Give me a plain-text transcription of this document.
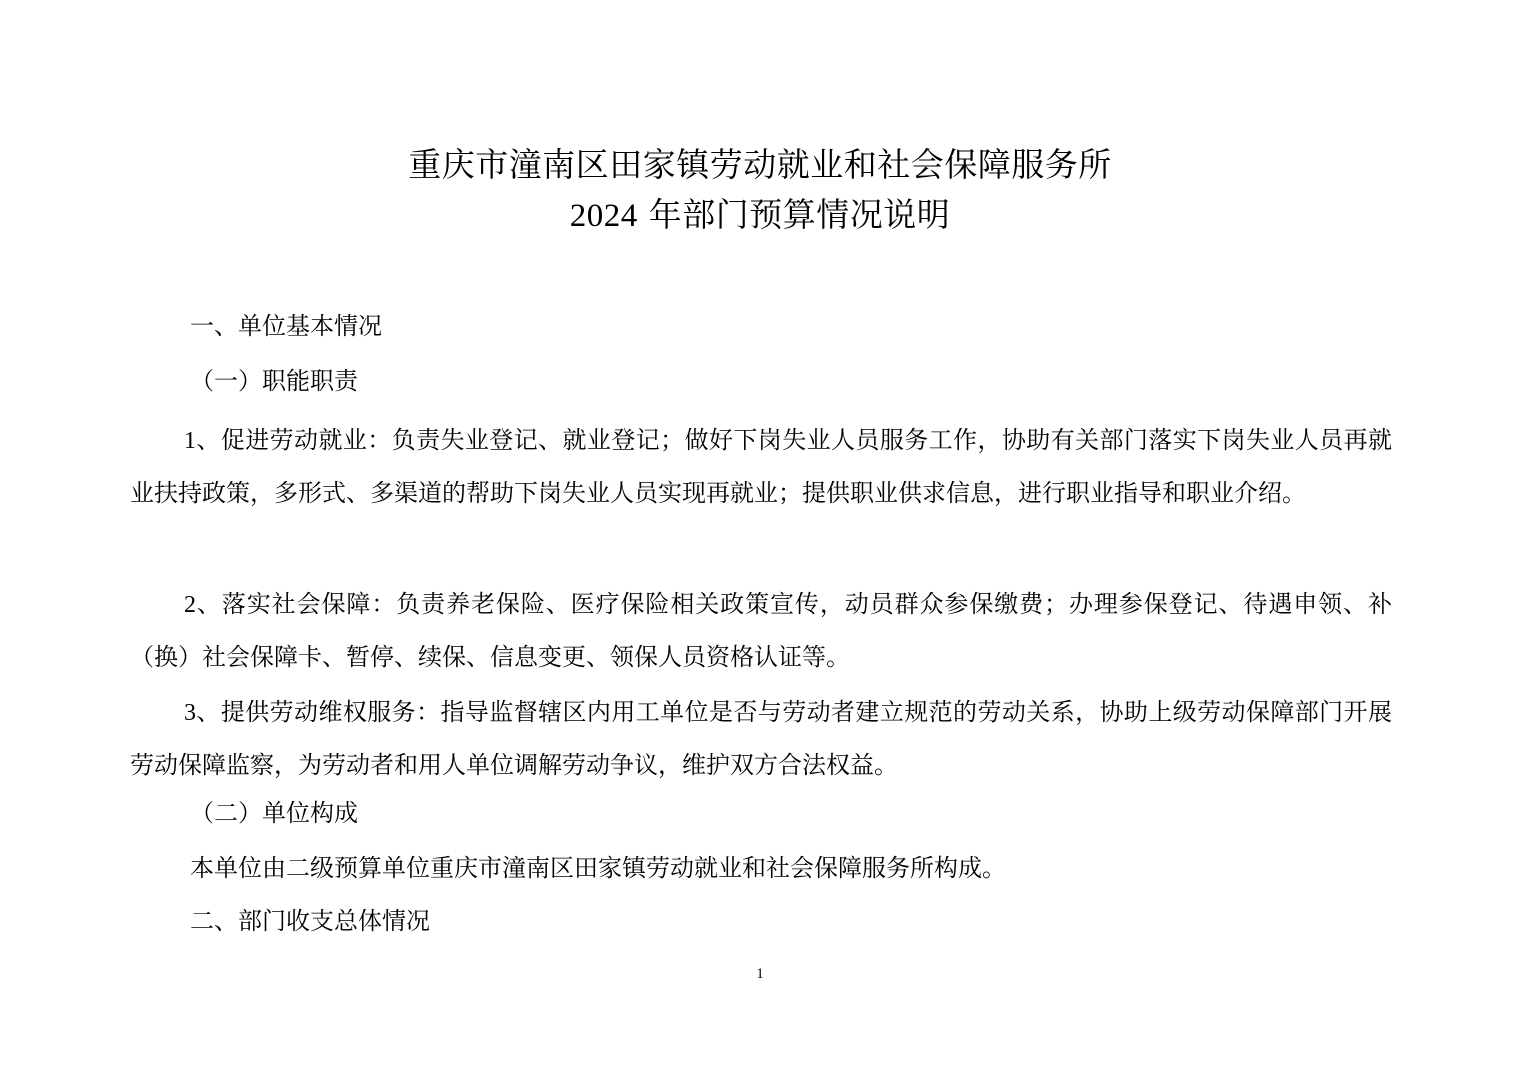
重庆市潼南区田家镇劳动就业和社会保障服务所
2024 年部门预算情况说明
一、单位基本情况
（一）职能职责
1、促进劳动就业：负责失业登记、就业登记；做好下岗失业人员服务工作，协助有关部门落实下岗失业人员再就业扶持政策，多形式、多渠道的帮助下岗失业人员实现再就业；提供职业供求信息，进行职业指导和职业介绍。
2、落实社会保障：负责养老保险、医疗保险相关政策宣传，动员群众参保缴费；办理参保登记、待遇申领、补（换）社会保障卡、暂停、续保、信息变更、领保人员资格认证等。
3、提供劳动维权服务：指导监督辖区内用工单位是否与劳动者建立规范的劳动关系，协助上级劳动保障部门开展劳动保障监察，为劳动者和用人单位调解劳动争议，维护双方合法权益。
（二）单位构成
本单位由二级预算单位重庆市潼南区田家镇劳动就业和社会保障服务所构成。
二、部门收支总体情况
1
